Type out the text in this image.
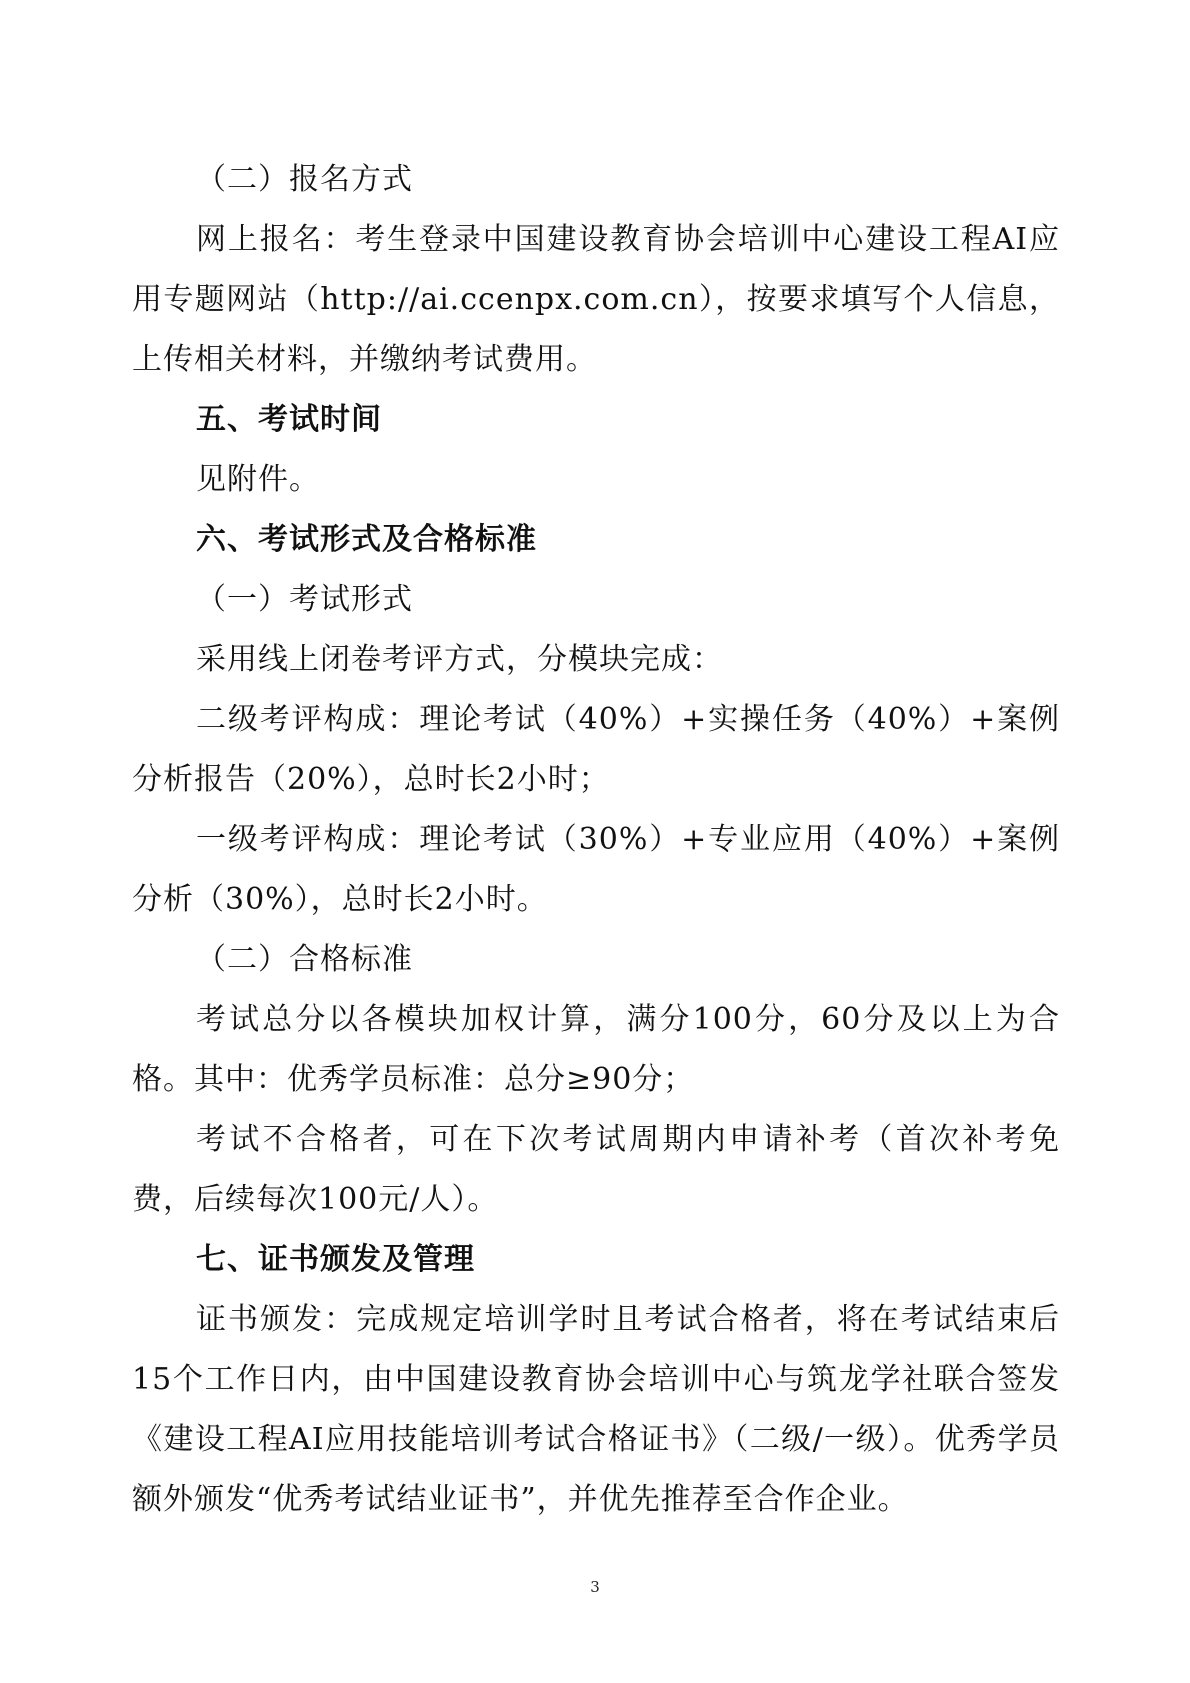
（二）报名方式

网上报名：考生登录中国建设教育协会培训中心建设工程AI应用专题网站（http://ai.ccenpx.com.cn），按要求填写个人信息，上传相关材料，并缴纳考试费用。

五、考试时间

见附件。

六、考试形式及合格标准

（一）考试形式

采用线上闭卷考评方式，分模块完成：

二级考评构成：理论考试（40%）+实操任务（40%）+案例分析报告（20%），总时长2小时；

一级考评构成：理论考试（30%）+专业应用（40%）+案例分析（30%），总时长2小时。

（二）合格标准

考试总分以各模块加权计算，满分100分，60分及以上为合格。其中：优秀学员标准：总分≥90分；

考试不合格者，可在下次考试周期内申请补考（首次补考免费，后续每次100元/人）。

七、证书颁发及管理

证书颁发：完成规定培训学时且考试合格者，将在考试结束后15个工作日内，由中国建设教育协会培训中心与筑龙学社联合签发《建设工程AI应用技能培训考试合格证书》（二级/一级）。优秀学员额外颁发“优秀考试结业证书”，并优先推荐至合作企业。

3
